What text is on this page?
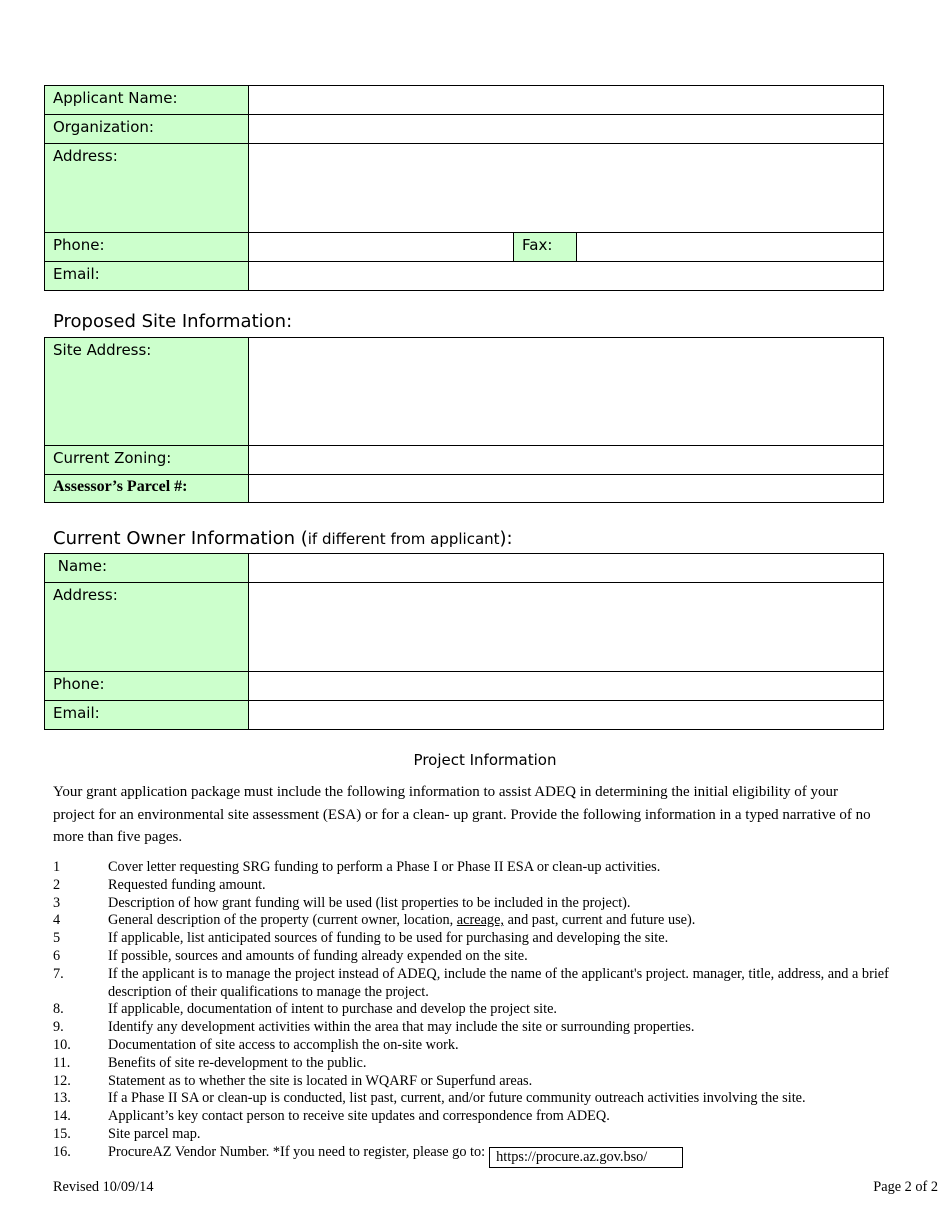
Applicant Name:			
Organization:			
Address:			
Phone:		Fax:	
Email:			
Proposed Site Information:
Site Address:	
Current Zoning:	
Assessor’s Parcel #:	
Current Owner Information (if different from applicant):
Name:	
Address:	
Phone:	
Email:	
Project Information

Your grant application package must include the following information to assist ADEQ in determining the initial eligibility of your project for an environmental site assessment (ESA) or for a clean- up grant. Provide the following information in a typed narrative of no more than five pages.

1	Cover letter requesting SRG funding to perform a Phase I or Phase II ESA or clean-up activities.
2	Requested funding amount.
3	Description of how grant funding will be used (list properties to be included in the project).
4	General description of the property (current owner, location, acreage, and past, current and future use).
5	If applicable, list anticipated sources of funding to be used for purchasing and developing the site.
6	If possible, sources and amounts of funding already expended on the site.
7.	If the applicant is to manage the project instead of ADEQ, include the name of the applicant's project. manager, title, address, and a brief description of their qualifications to manage the project.
8.	If applicable, documentation of intent to purchase and develop the project site.
9.	Identify any development activities within the area that may include the site or surrounding properties.
10.	Documentation of site access to accomplish the on-site work.
11.	Benefits of site re-development to the public.
12.	Statement as to whether the site is located in WQARF or Superfund areas.
13.	If a Phase II SA or clean-up is conducted, list past, current, and/or future community outreach activities involving the site.
14.	Applicant’s key contact person to receive site updates and correspondence from ADEQ.
15.	Site parcel map.
16.	ProcureAZ Vendor Number. *If you need to register, please go to: https://procure.az.gov.bso/
Revised 10/09/14	Page 2 of 2
